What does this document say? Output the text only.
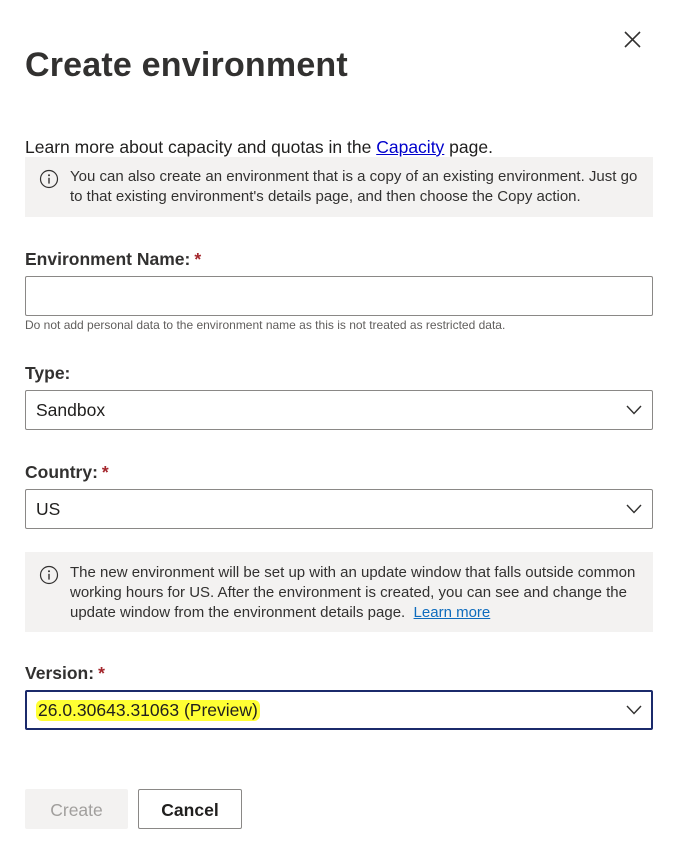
Create environment
Learn more about capacity and quotas in the Capacity page.
You can also create an environment that is a copy of an existing environment. Just go to that existing environment's details page, and then choose the Copy action.
Environment Name: *
Do not add personal data to the environment name as this is not treated as restricted data.
Type:
Sandbox
Country: *
US
The new environment will be set up with an update window that falls outside common working hours for US. After the environment is created, you can see and change the update window from the environment details page. Learn more
Version: *
26.0.30643.31063 (Preview)
Create	Cancel
